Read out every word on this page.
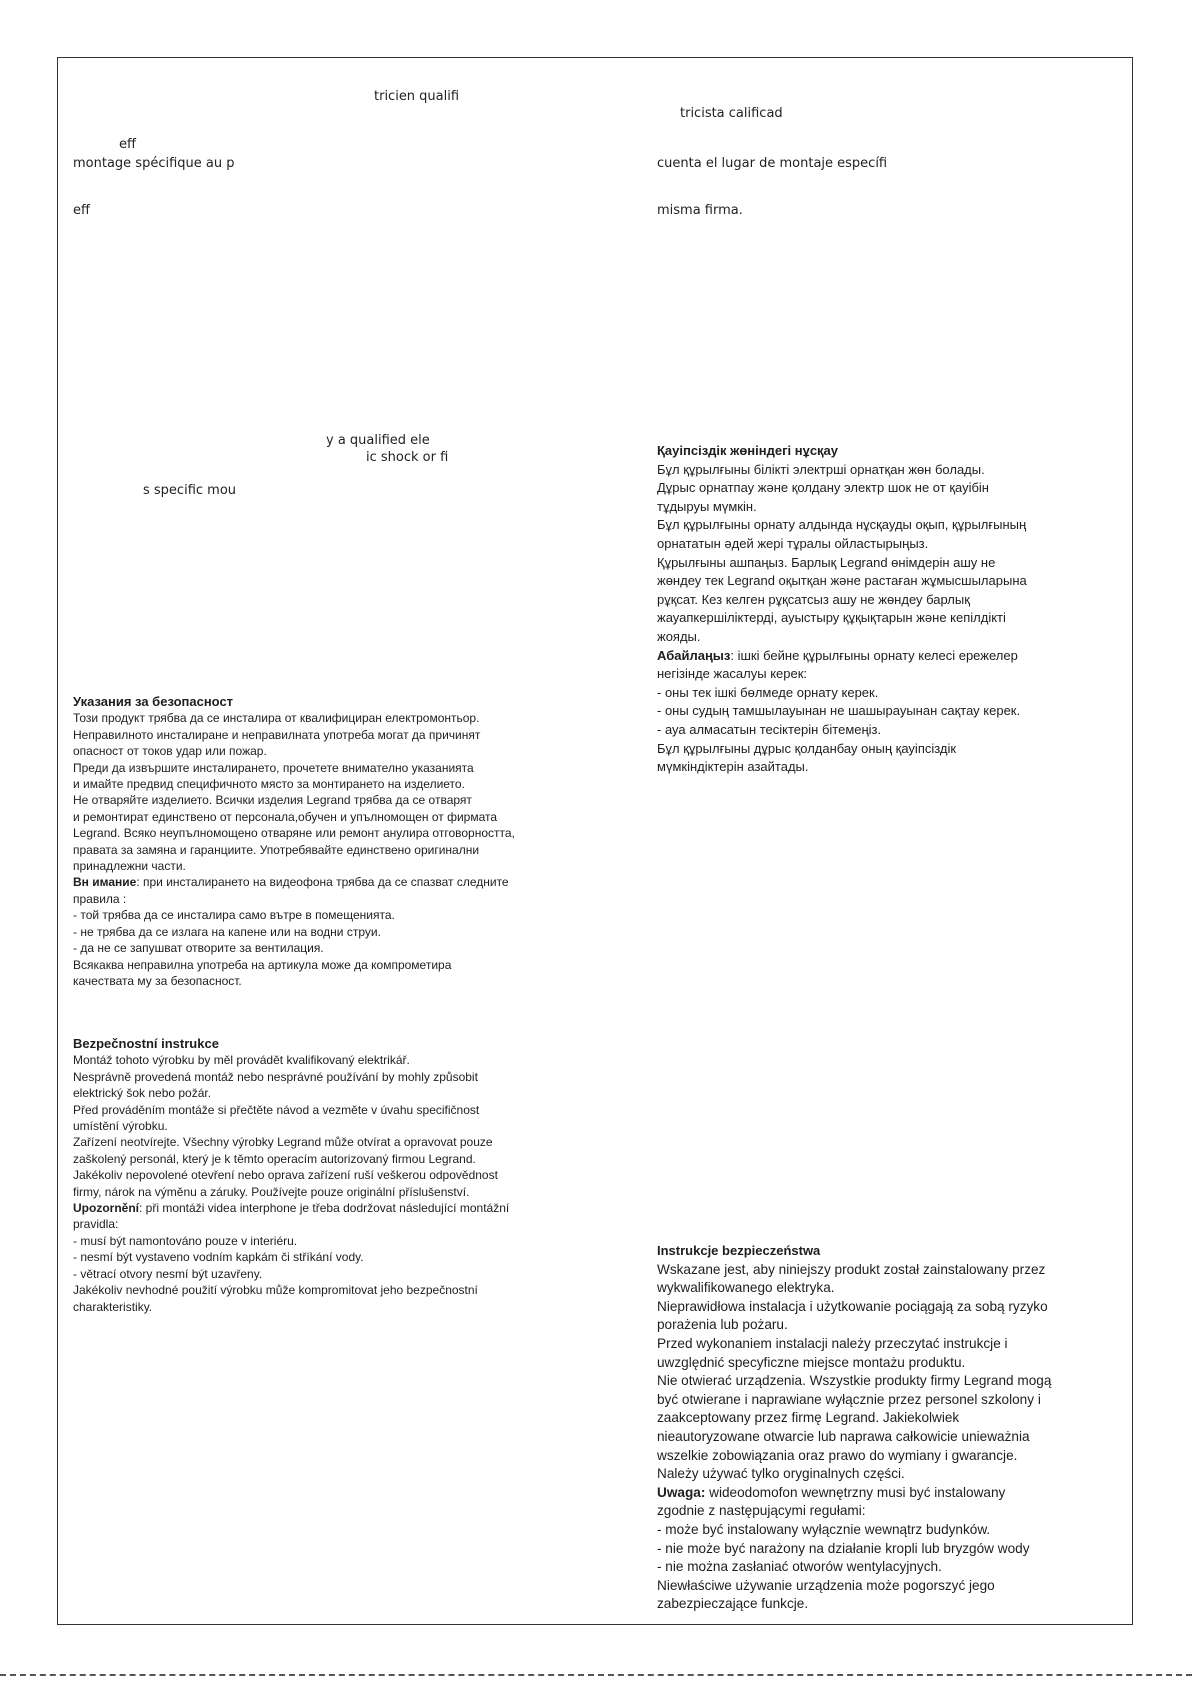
tricien qualifi
eff
montage spécifique au p
eff
tricista calificad
cuenta el lugar de montaje específi
misma firma.
y a qualified ele
ic shock or fi
s specific mou
Указания за безопасност
Този продукт трябва да се инсталира от квалифициран електромонтьор.
Неправилното инсталиране и неправилната употреба могат да причинят
опасност от токов удар или пожар.
Преди да извършите инсталирането, прочетете внимателно указанията
и имайте предвид специфичното място за монтирането на изделието.
Не отваряйте изделието. Всички изделия Legrand трябва да се отварят
и ремонтират единствено от персонала,обучен и упълномощен от фирмата
Legrand. Всяко неупълномощено отваряне или ремонт анулира отговорността,
правата за замяна и гаранциите. Употребявайте единствено оригинални
принадлежни части.
Вн имание: при инсталирането на видеофона трябва да се спазват следните
правила :
- той трябва да се инсталира само вътре в помещенията.
- не трябва да се излага на капене или на водни струи.
- да не се запушват отворите за вентилация.
Всякаква неправилна употреба на артикула може да компрометира
качествата му за безопасност.
Bezpečnostní instrukce
Montáž tohoto výrobku by měl provádět kvalifikovaný elektrikář.
Nesprávně provedená montáž nebo nesprávné používání by mohly způsobit
elektrický šok nebo požár.
Před prováděním montáže si přečtěte návod a vezměte v úvahu specifičnost
umístění výrobku.
Zařízení neotvírejte. Všechny výrobky Legrand může otvírat a opravovat pouze
zaškolený personál, který je k těmto operacím autorizovaný firmou Legrand.
Jakékoliv nepovolené otevření nebo oprava zařízení ruší veškerou odpovědnost
firmy, nárok na výměnu a záruky. Používejte pouze originální příslušenství.
Upozornění: při montáži videa interphone je třeba dodržovat následující montážní
pravidla:
- musí být namontováno pouze v interiéru.
- nesmí být vystaveno vodním kapkám či stříkání vody.
- větrací otvory nesmí být uzavřeny.
Jakékoliv nevhodné použití výrobku může kompromitovat jeho bezpečnostní
charakteristiky.
Қауіпсіздік жөніндегі нұсқау
Бұл құрылғыны білікті электрші орнатқан жөн болады.
Дұрыс орнатпау және қолдану электр шок не от қауібін
тұдыруы мүмкін.
Бұл құрылғыны орнату алдында нұсқауды оқып, құрылғының
орнататын әдей жері тұралы ойластырыңыз.
Құрылғыны ашпаңыз. Барлық Legrand өнімдерін ашу не
жөндеу тек Legrand оқытқан және растаған жұмысшыларына
рұқсат. Кез келген рұқсатсыз ашу не жөндеу барлық
жауапкершіліктерді, ауыстыру құқықтарын және кепілдікті
жояды.
Абайлаңыз: ішкі бейне құрылғыны орнату келесі ережелер
негізінде жасалуы керек:
- оны тек ішкі бөлмеде орнату керек.
- оны судың тамшылауынан не шашырауынан сақтау керек.
- ауа алмасатын тесіктерін бітемеңіз.
Бұл құрылғыны дұрыс қолданбау оның қауіпсіздік
мүмкіндіктерін азайтады.
Instrukcje bezpieczeństwa
Wskazane jest, aby niniejszy produkt został zainstalowany przez
wykwalifikowanego elektryka.
Nieprawidłowa instalacja i użytkowanie pociągają za sobą ryzyko
porażenia lub pożaru.
Przed wykonaniem instalacji należy przeczytać instrukcje i
uwzględnić specyficzne miejsce montażu produktu.
Nie otwierać urządzenia. Wszystkie produkty firmy Legrand mogą
być otwierane i naprawiane wyłącznie przez personel szkolony i
zaakceptowany przez firmę Legrand. Jakiekolwiek
nieautoryzowane otwarcie lub naprawa całkowicie unieważnia
wszelkie zobowiązania oraz prawo do wymiany i gwarancje.
Należy używać tylko oryginalnych części.
Uwaga: wideodomofon wewnętrzny musi być instalowany
zgodnie z następującymi regułami:
- może być instalowany wyłącznie wewnątrz budynków.
- nie może być narażony na działanie kropli lub bryzgów wody
- nie można zasłaniać otworów wentylacyjnych.
Niewłaściwe używanie urządzenia może pogorszyć jego
zabezpieczające funkcje.
